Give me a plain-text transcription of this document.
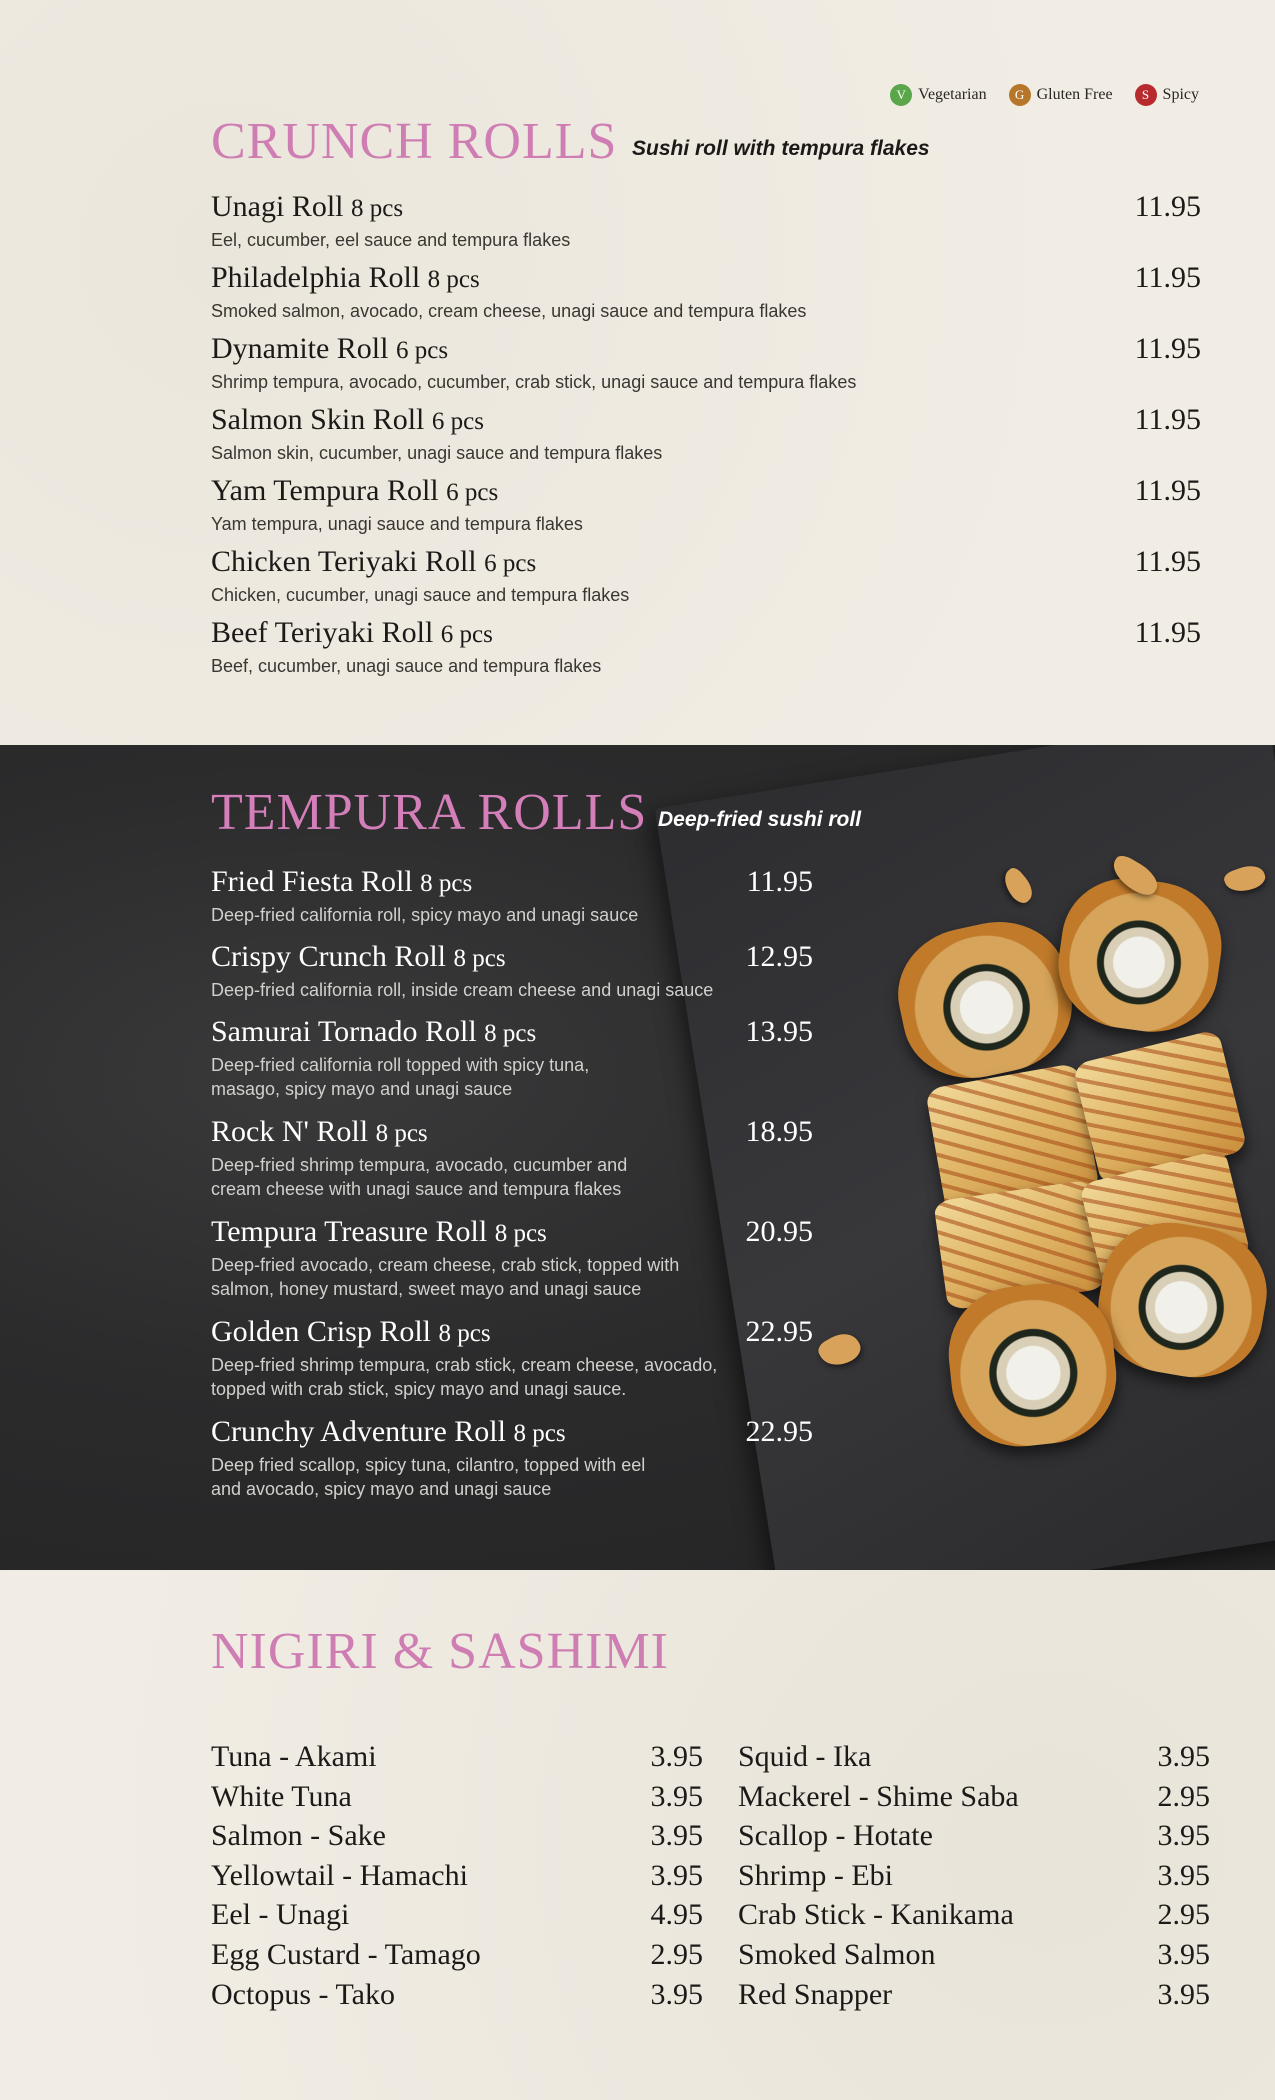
V Vegetarian	G Gluten Free	S Spicy
CRUNCH ROLLS Sushi roll with tempura flakes
Unagi Roll 8 pcs	11.95
Eel, cucumber, eel sauce and tempura flakes
Philadelphia Roll 8 pcs	11.95
Smoked salmon, avocado, cream cheese, unagi sauce and tempura flakes
Dynamite Roll 6 pcs	11.95
Shrimp tempura, avocado, cucumber, crab stick, unagi sauce and tempura flakes
Salmon Skin Roll 6 pcs	11.95
Salmon skin, cucumber, unagi sauce and tempura flakes
Yam Tempura Roll 6 pcs	11.95
Yam tempura, unagi sauce and tempura flakes
Chicken Teriyaki Roll 6 pcs	11.95
Chicken, cucumber, unagi sauce and tempura flakes
Beef Teriyaki Roll 6 pcs	11.95
Beef, cucumber, unagi sauce and tempura flakes
TEMPURA ROLLS Deep-fried sushi roll
Fried Fiesta Roll 8 pcs	11.95
Deep-fried california roll, spicy mayo and unagi sauce
Crispy Crunch Roll 8 pcs	12.95
Deep-fried california roll, inside cream cheese and unagi sauce
Samurai Tornado Roll 8 pcs	13.95
Deep-fried california roll topped with spicy tuna,
masago, spicy mayo and unagi sauce
Rock N' Roll 8 pcs	18.95
Deep-fried shrimp tempura, avocado, cucumber and
cream cheese with unagi sauce and tempura flakes
Tempura Treasure Roll 8 pcs	20.95
Deep-fried avocado, cream cheese, crab stick, topped with
salmon, honey mustard, sweet mayo and unagi sauce
Golden Crisp Roll 8 pcs	22.95
Deep-fried shrimp tempura, crab stick, cream cheese, avocado,
topped with crab stick, spicy mayo and unagi sauce.
Crunchy Adventure Roll 8 pcs	22.95
Deep fried scallop, spicy tuna, cilantro, topped with eel
and avocado, spicy mayo and unagi sauce
NIGIRI & SASHIMI
Tuna - Akami	3.95
White Tuna	3.95
Salmon - Sake	3.95
Yellowtail - Hamachi	3.95
Eel - Unagi	4.95
Egg Custard - Tamago	2.95
Octopus - Tako	3.95
Squid - Ika	3.95
Mackerel - Shime Saba	2.95
Scallop - Hotate	3.95
Shrimp - Ebi	3.95
Crab Stick - Kanikama	2.95
Smoked Salmon	3.95
Red Snapper	3.95
